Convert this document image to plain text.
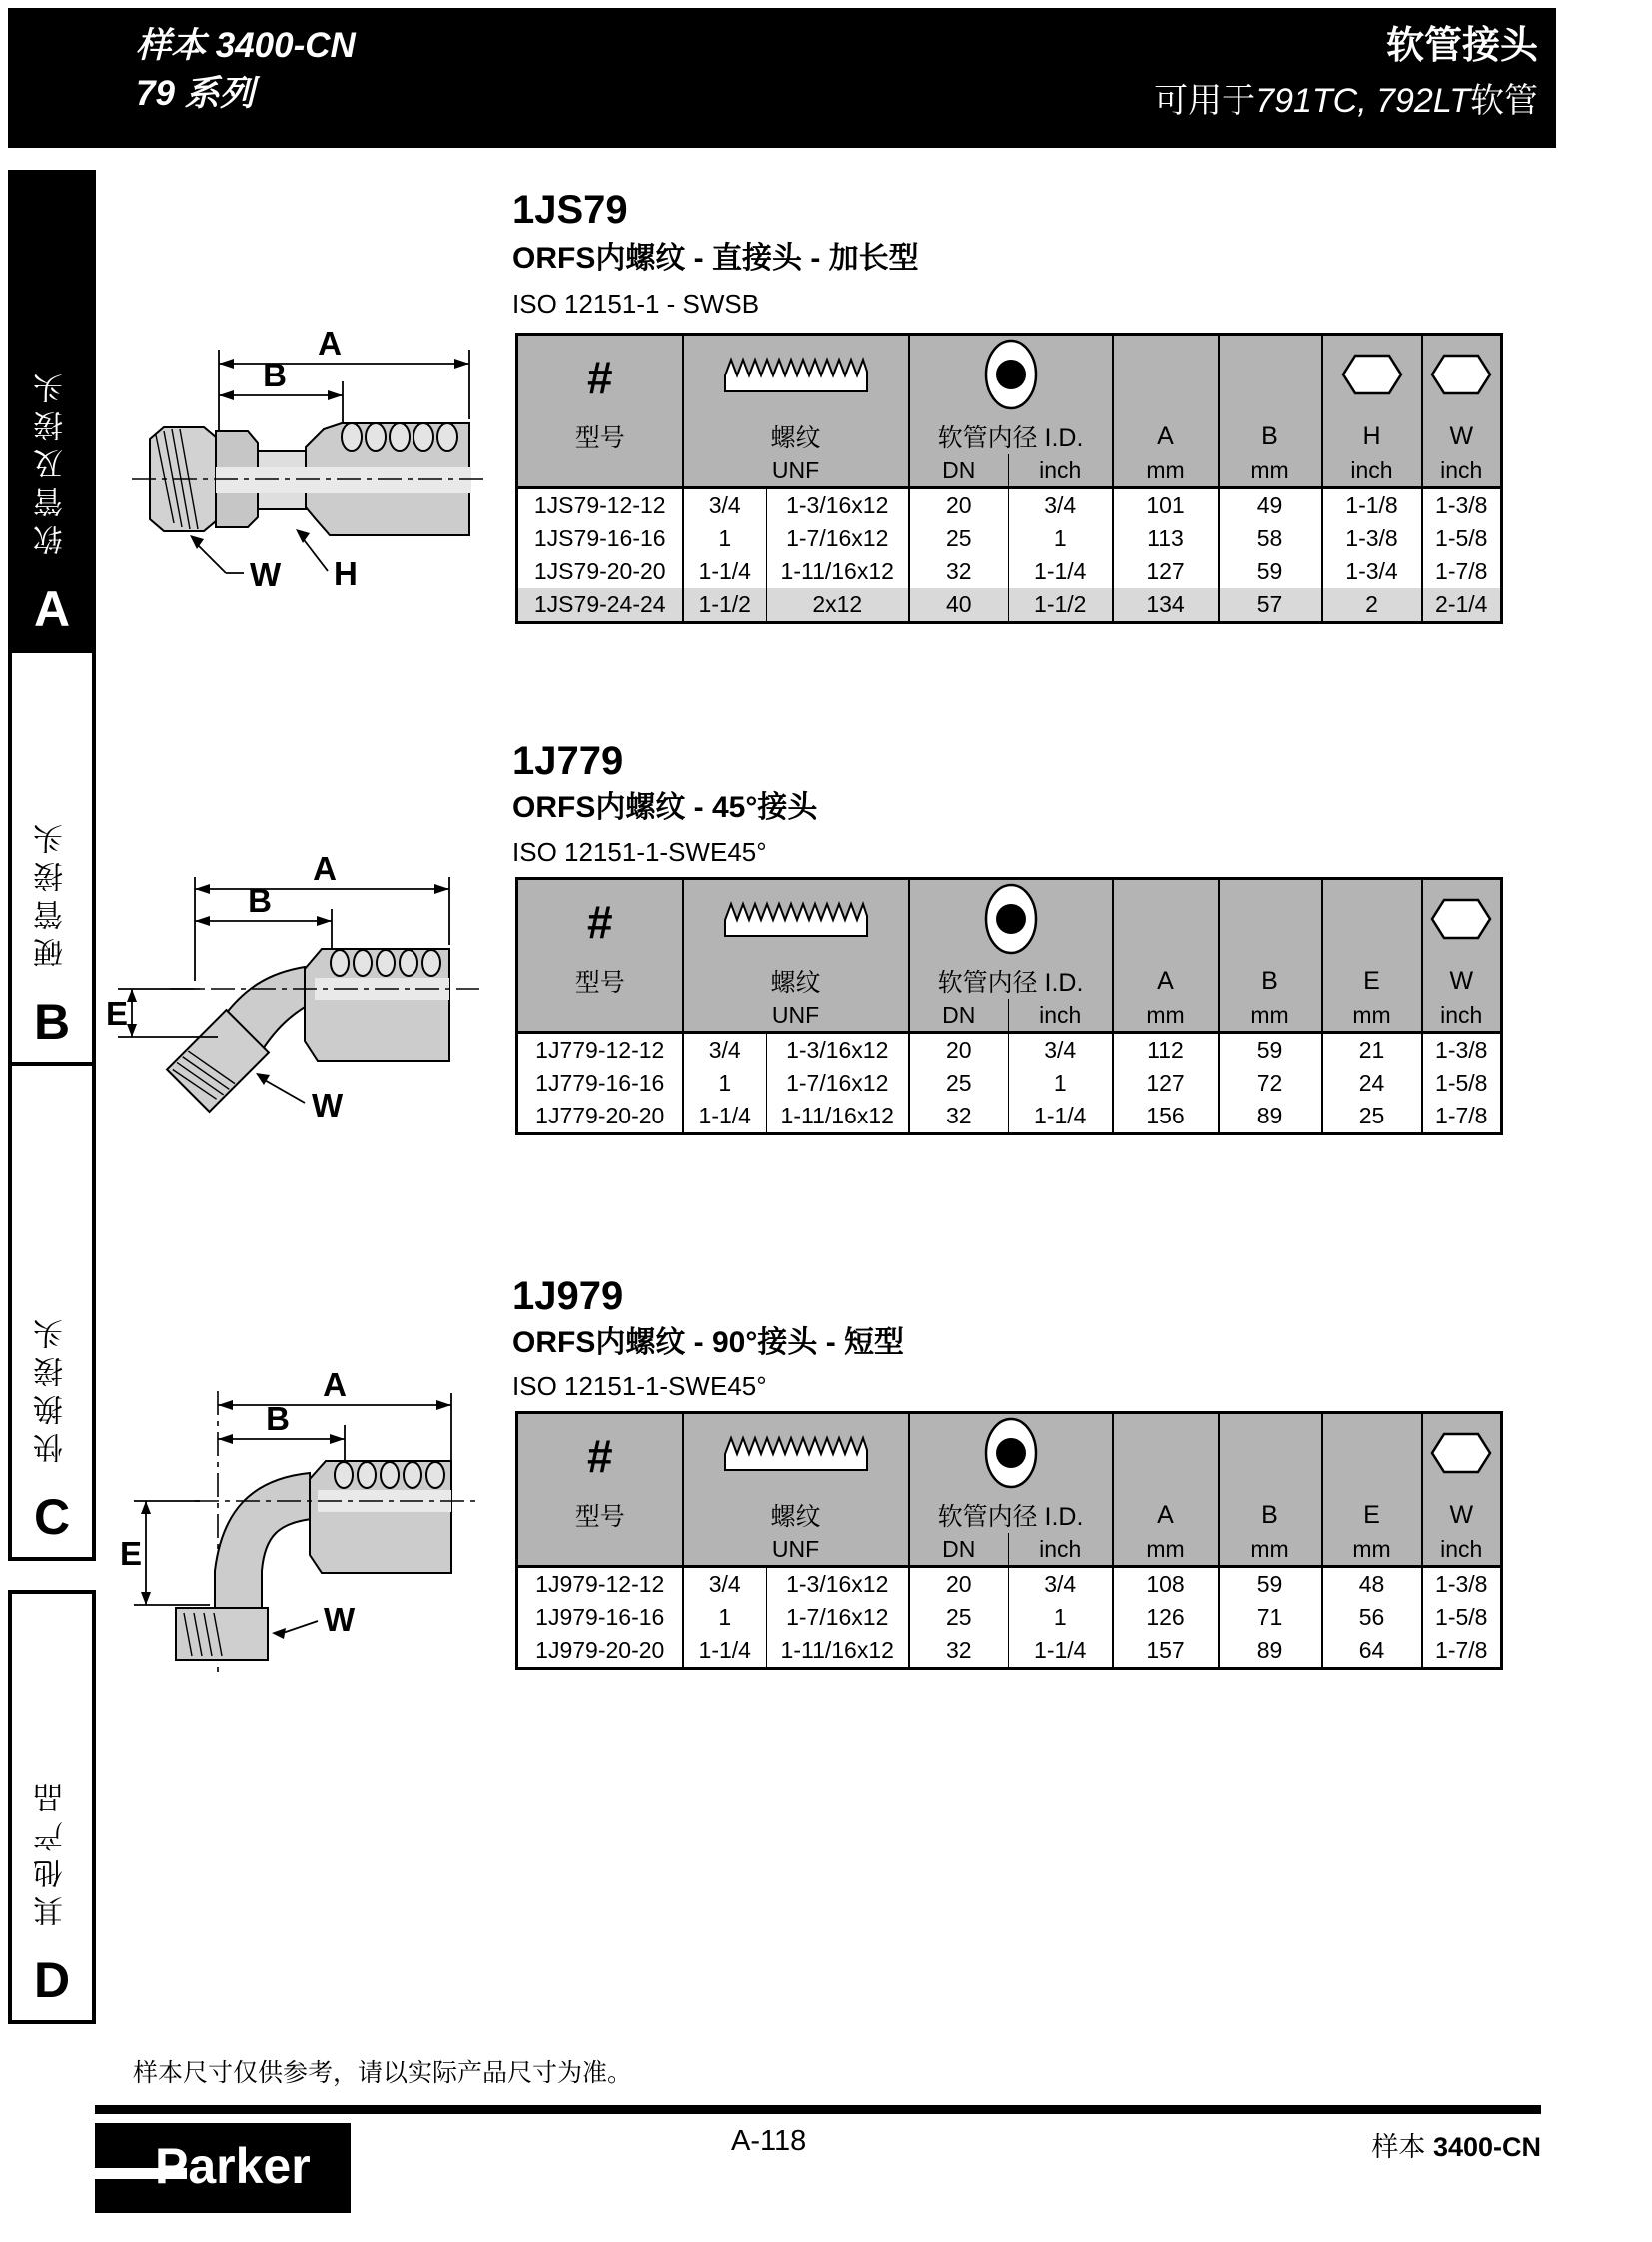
样本 3400-CN
79 系列
软管接头
可用于791TC, 792LT软管
软管及接头
A
硬管接头
B
快换接头
C
其他产品
D
1JS79
ORFS内螺纹 - 直接头 - 加长型
ISO 12151-1 - SWSB
A
B
W H
#						
型号	螺纹		软管内径 I.D.		A	B	H	W
	UNF		DN	inch	mm	mm	inch	inch
1JS79-12-12	3/4	1-3/16x12	20	3/4	101	49	1-1/8	1-3/8
1JS79-16-16	1	1-7/16x12	25	1	113	58	1-3/8	1-5/8
1JS79-20-20	1-1/4	1-11/16x12	32	1-1/4	127	59	1-3/4	1-7/8
1JS79-24-24	1-1/2	2x12	40	1-1/2	134	57	2	2-1/4
1J779
ORFS内螺纹 - 45°接头
ISO 12151-1-SWE45°
A
B
E
W
#						
型号	螺纹		软管内径 I.D.		A	B	E	W
	UNF		DN	inch	mm	mm	mm	inch
1J779-12-12	3/4	1-3/16x12	20	3/4	112	59	21	1-3/8
1J779-16-16	1	1-7/16x12	25	1	127	72	24	1-5/8
1J779-20-20	1-1/4	1-11/16x12	32	1-1/4	156	89	25	1-7/8
1J979
ORFS内螺纹 - 90°接头 - 短型
ISO 12151-1-SWE45°
A
B
E
W
#						
型号	螺纹		软管内径 I.D.		A	B	E	W
	UNF		DN	inch	mm	mm	mm	inch
1J979-12-12	3/4	1-3/16x12	20	3/4	108	59	48	1-3/8
1J979-16-16	1	1-7/16x12	25	1	126	71	56	1-5/8
1J979-20-20	1-1/4	1-11/16x12	32	1-1/4	157	89	64	1-7/8
样本尺寸仅供参考，请以实际产品尺寸为准。
Parker	A-118	样本 3400-CN
